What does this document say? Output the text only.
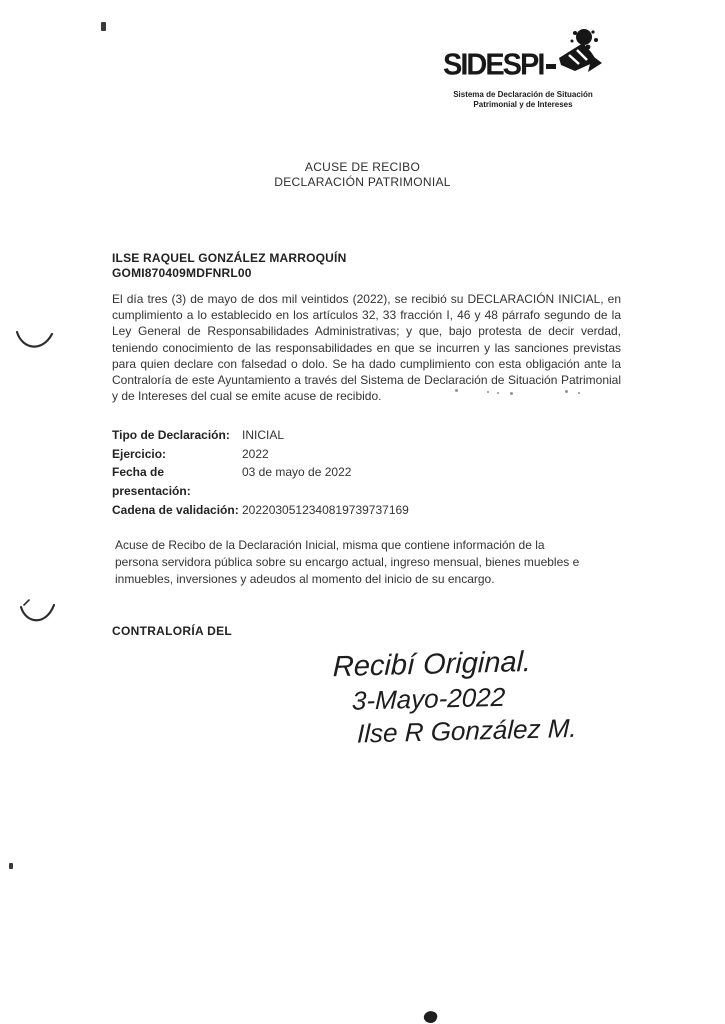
SIDESPI
Sistema de Declaración de Situación
Patrimonial y de Intereses
ACUSE DE RECIBO
DECLARACIÓN PATRIMONIAL
ILSE RAQUEL GONZÁLEZ MARROQUÍN
GOMI870409MDFNRL00
El día tres (3) de mayo de dos mil veintidos (2022), se recibió su DECLARACIÓN INICIAL, en cumplimiento a lo establecido en los artículos 32, 33 fracción I, 46 y 48 párrafo segundo de la Ley General de Responsabilidades Administrativas; y que, bajo protesta de decir verdad, teniendo conocimiento de las responsabilidades en que se incurren y las sanciones previstas para quien declare con falsedad o dolo. Se ha dado cumplimiento con esta obligación ante la Contraloría de este Ayuntamiento a través del Sistema de Declaración de Situación Patrimonial y de Intereses del cual se emite acuse de recibido.
Tipo de Declaración:	INICIAL
Ejercicio:	2022
Fecha de presentación:
03 de mayo de 2022
Cadena de validación: 2022030512340819739737169
Acuse de Recibo de la Declaración Inicial, misma que contiene información de la persona servidora pública sobre su encargo actual, ingreso mensual, bienes muebles e inmuebles, inversiones y adeudos al momento del inicio de su encargo.
CONTRALORÍA DEL
Recibí Original.
3-Mayo-2022
Ilse R González M.
